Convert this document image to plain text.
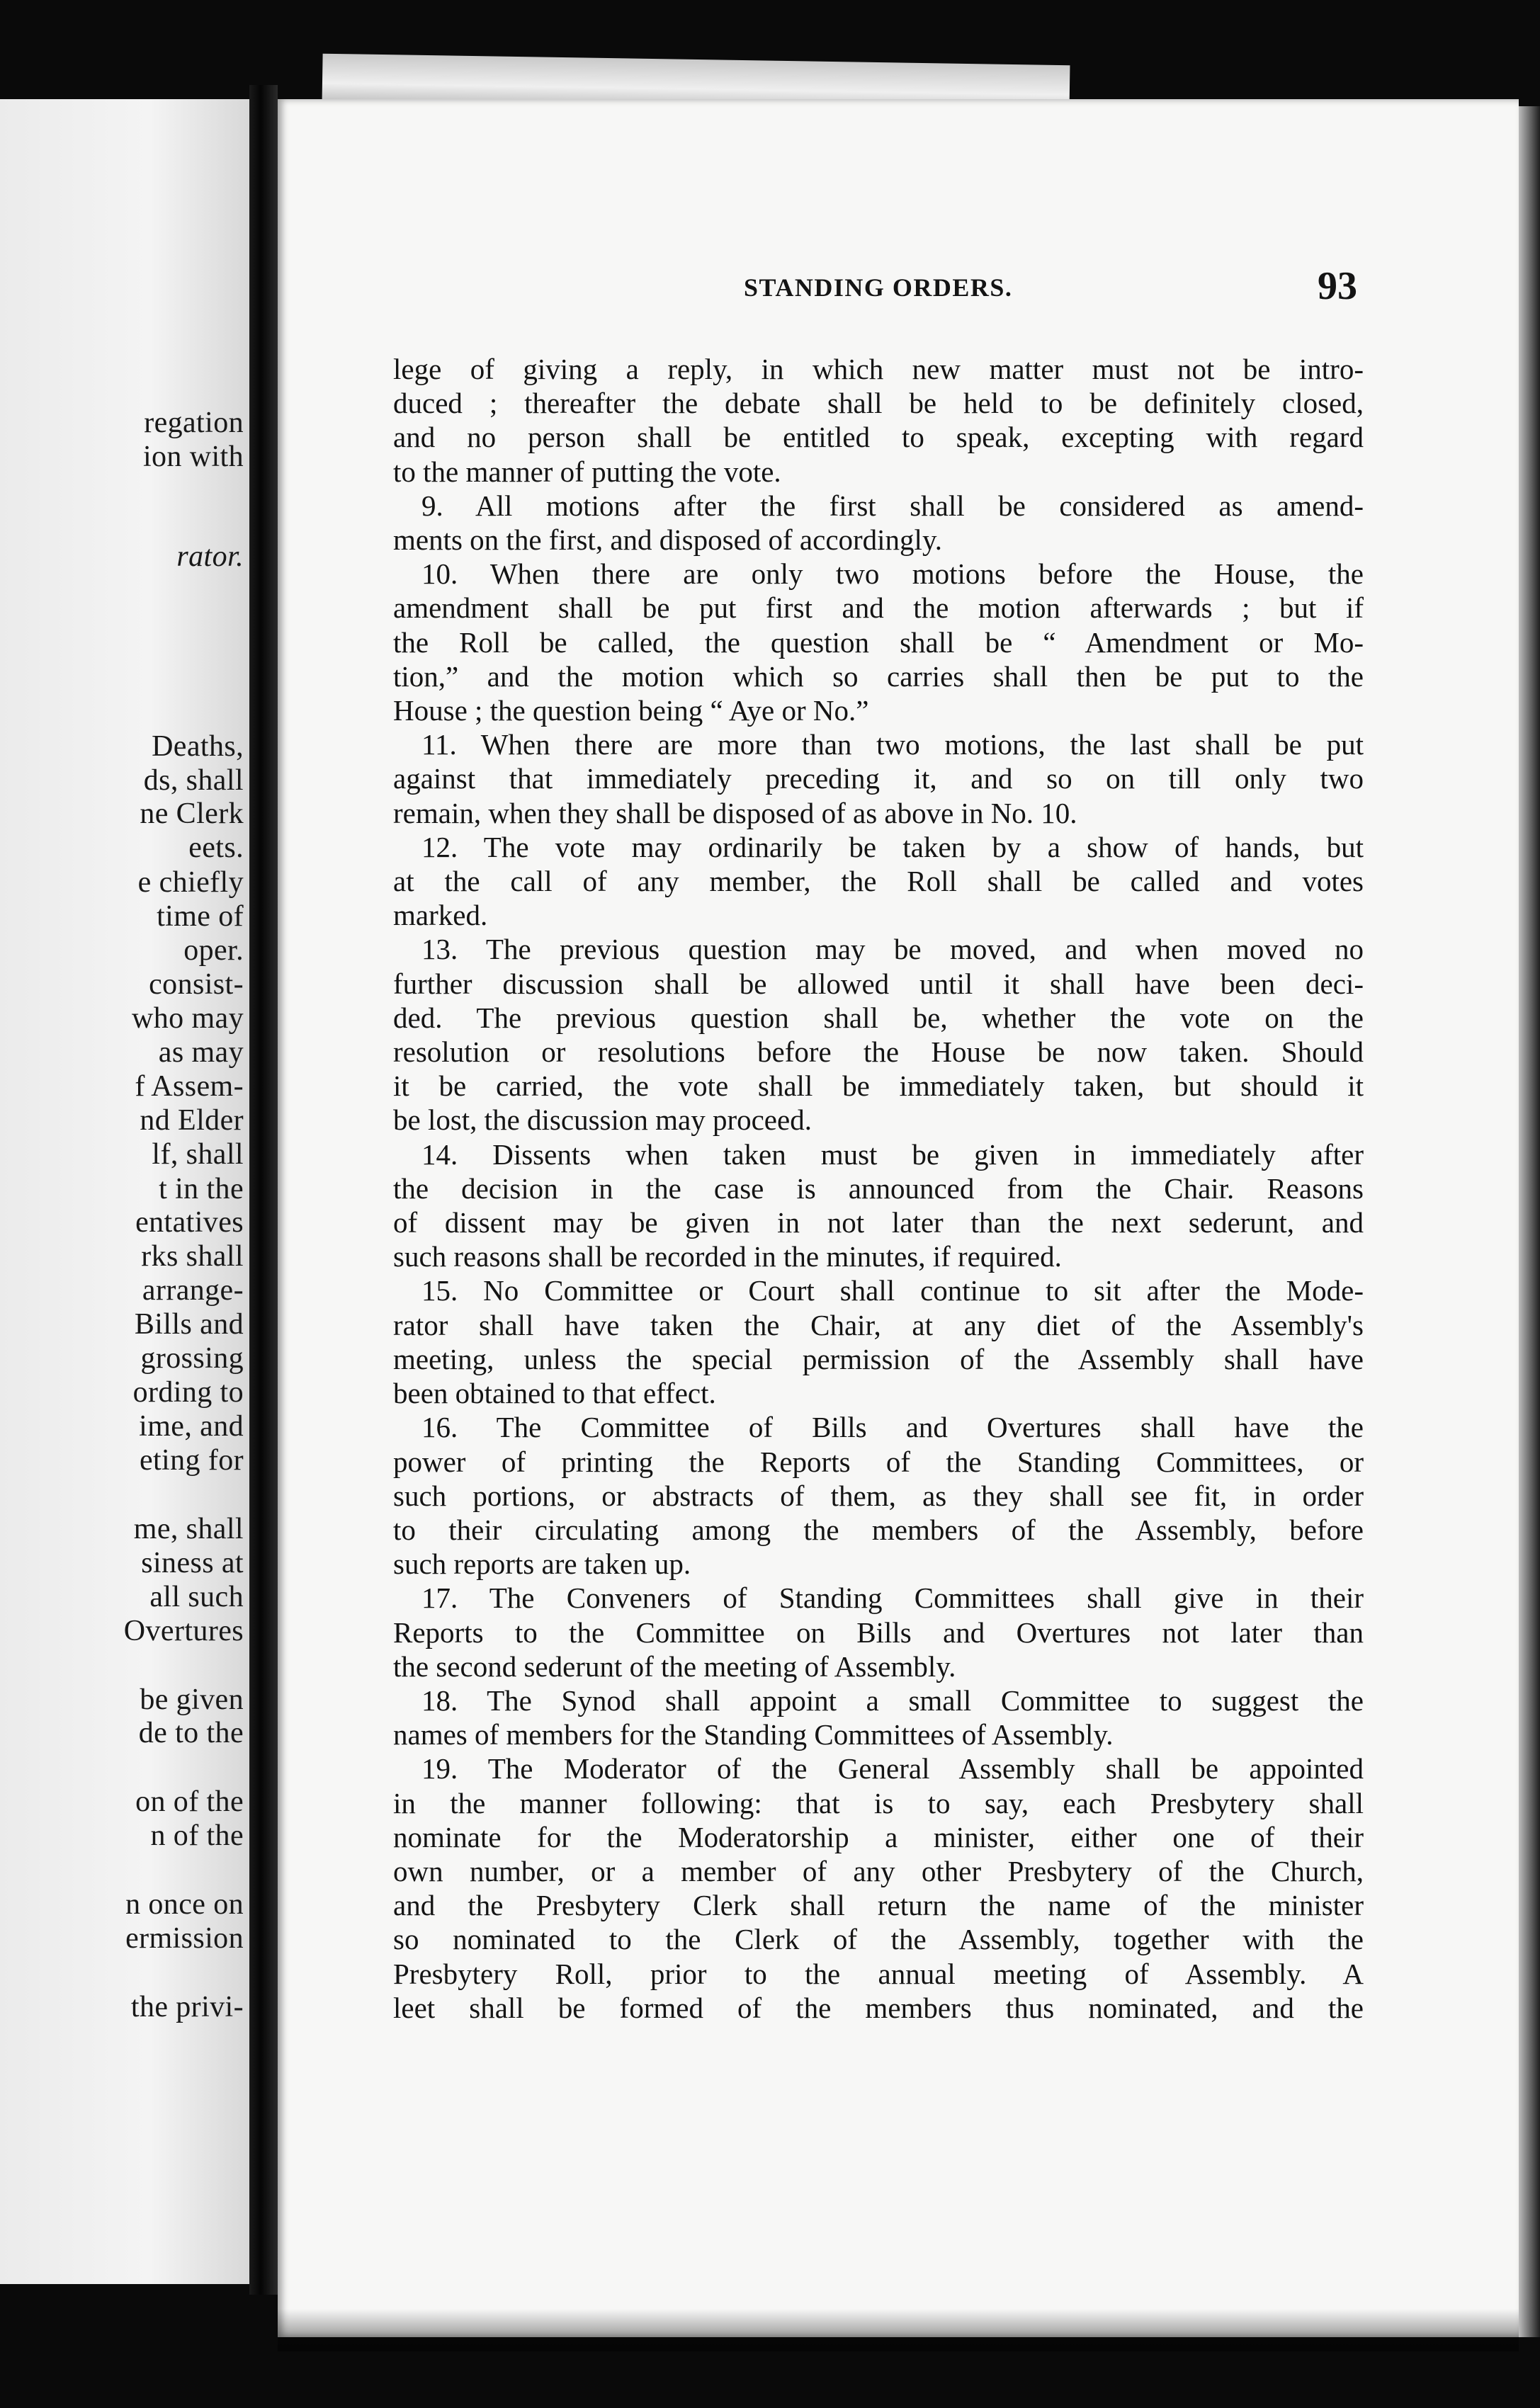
regation

ion with

rator.

Deaths,

ds, shall

ne Clerk

eets.

e chiefly

time of

oper.

consist-

who may

as may

f Assem-

nd Elder

lf, shall

t in the

entatives

rks shall

arrange-

Bills and

grossing

ording to

ime, and

eting for

me, shall

siness at

all such

Overtures

be given

de to the

on of the

n of the

n once on

ermission

the privi-

STANDING ORDERS.	93

lege of giving a reply, in which new matter must not be intro-
duced ; thereafter the debate shall be held to be definitely closed,
and no person shall be entitled to speak, excepting with regard
to the manner of putting the vote.
9. All motions after the first shall be considered as amend-
ments on the first, and disposed of accordingly.
10. When there are only two motions before the House, the
amendment shall be put first and the motion afterwards ; but if
the Roll be called, the question shall be “ Amendment or Mo-
tion,” and the motion which so carries shall then be put to the
House ; the question being “ Aye or No.”
11. When there are more than two motions, the last shall be put
against that immediately preceding it, and so on till only two
remain, when they shall be disposed of as above in No. 10.
12. The vote may ordinarily be taken by a show of hands, but
at the call of any member, the Roll shall be called and votes
marked.
13. The previous question may be moved, and when moved no
further discussion shall be allowed until it shall have been deci-
ded. The previous question shall be, whether the vote on the
resolution or resolutions before the House be now taken. Should
it be carried, the vote shall be immediately taken, but should it
be lost, the discussion may proceed.
14. Dissents when taken must be given in immediately after
the decision in the case is announced from the Chair. Reasons
of dissent may be given in not later than the next sederunt, and
such reasons shall be recorded in the minutes, if required.
15. No Committee or Court shall continue to sit after the Mode-
rator shall have taken the Chair, at any diet of the Assembly's
meeting, unless the special permission of the Assembly shall have
been obtained to that effect.
16. The Committee of Bills and Overtures shall have the
power of printing the Reports of the Standing Committees, or
such portions, or abstracts of them, as they shall see fit, in order
to their circulating among the members of the Assembly, before
such reports are taken up.
17. The Conveners of Standing Committees shall give in their
Reports to the Committee on Bills and Overtures not later than
the second sederunt of the meeting of Assembly.
18. The Synod shall appoint a small Committee to suggest the
names of members for the Standing Committees of Assembly.
19. The Moderator of the General Assembly shall be appointed
in the manner following: that is to say, each Presbytery shall
nominate for the Moderatorship a minister, either one of their
own number, or a member of any other Presbytery of the Church,
and the Presbytery Clerk shall return the name of the minister
so nominated to the Clerk of the Assembly, together with the
Presbytery Roll, prior to the annual meeting of Assembly. A
leet shall be formed of the members thus nominated, and the
